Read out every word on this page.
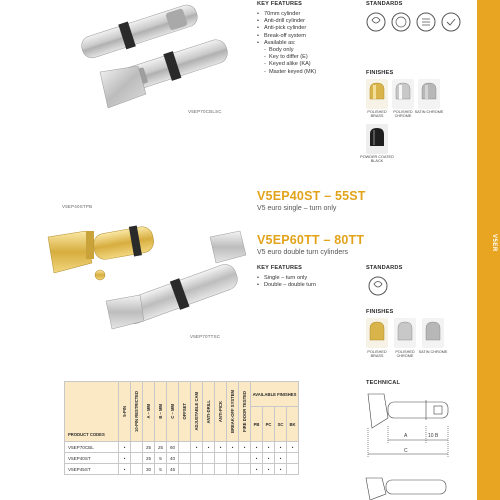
V5EP70CBLSC
KEY FEATURES
• 70mm cylinder
• Anti-drill cylinder
• Anti-pick cylinder
• Break-off system
• Available as:
- Body only
- Key to differ (E)
- Keyed alike (KA)
- Master keyed (MK)
STANDARDS
FINISHES
POLISHED BRASS
POLISHED CHROME
SATIN CHROME
POWDER COATED BLACK
V5EP40STPB
V5EP70TTSC
V5EP40ST – 55ST
V5 euro single – turn only
V5EP60TT – 80TT
V5 euro double turn cylinders
KEY FEATURES
• Single – turn only
• Double – double turn
STANDARDS
FINISHES
POLISHED BRASS
POLISHED CHROME
SATIN CHROME
TECHNICAL
A	10 B
C
PRODUCT CODES	5-PIN	10-PIN RESTRICTED	A – MM	B – MM	C – MM	OFFSET	ADJUSTABLE CAM	ANTI-DRILL	ANTI-PICK	BREAK-OFF SYSTEM	FIRE DOOR TESTED	AVAILABLE FINISHES			
												PB	PC	SC	BK
V5EP70CBL	•		25	25	60		•	•	•	•	•	•	•	•	•
V5EP40ST	•		25	5	40							•	•	•	
V5EP45ST	•		30	5	45							•	•	•	
V5ER
